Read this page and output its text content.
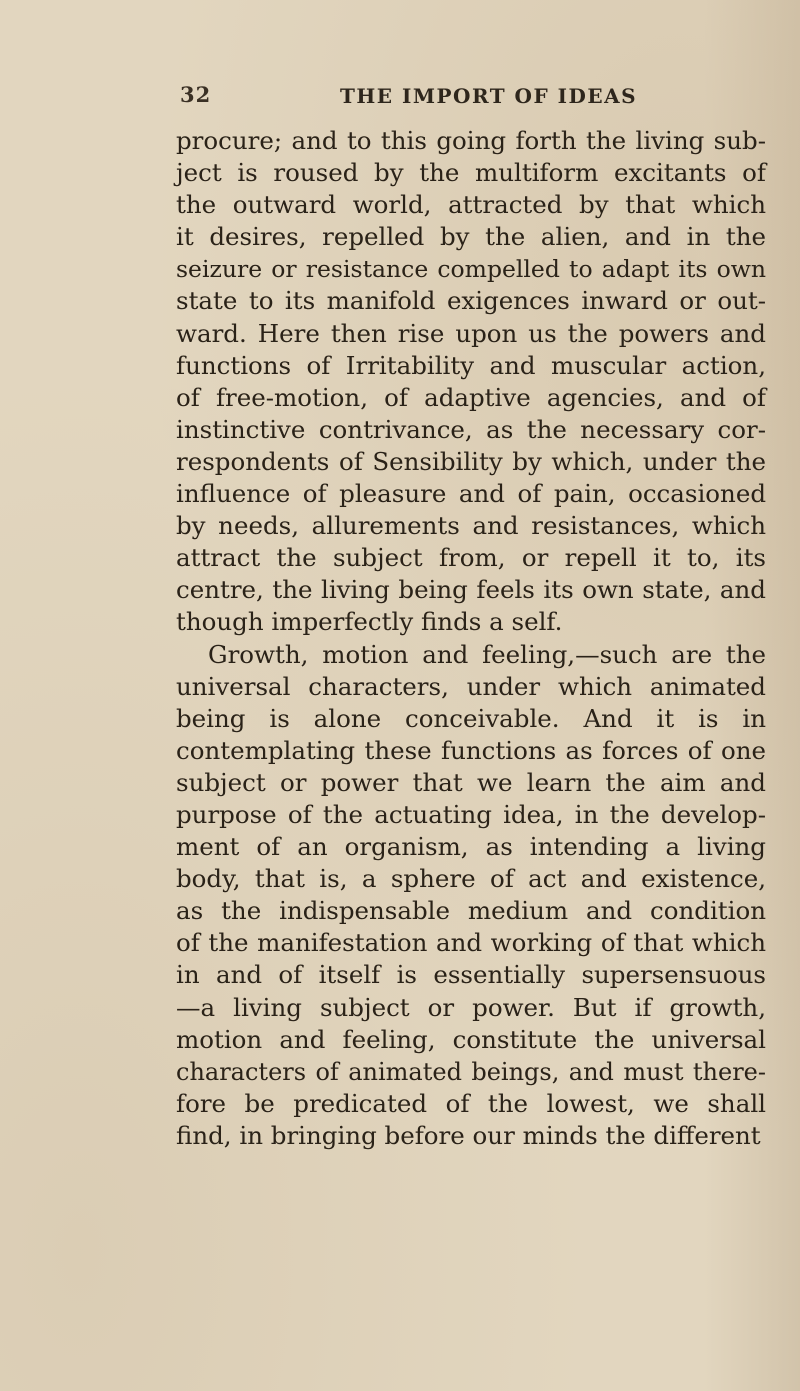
32	THE IMPORT OF IDEAS
procure; and to this going forth the living sub-
ject is roused by the multiform excitants of
the outward world, attracted by that which
it desires, repelled by the alien, and in the
seizure or resistance compelled to adapt its own
state to its manifold exigences inward or out-
ward. Here then rise upon us the powers and
functions of Irritability and muscular action,
of free-motion, of adaptive agencies, and of
instinctive contrivance, as the necessary cor-
respondents of Sensibility by which, under the
influence of pleasure and of pain, occasioned
by needs, allurements and resistances, which
attract the subject from, or repell it to, its
centre, the living being feels its own state, and
though imperfectly finds a self.
Growth, motion and feeling,—such are the
universal characters, under which animated
being is alone conceivable. And it is in
contemplating these functions as forces of one
subject or power that we learn the aim and
purpose of the actuating idea, in the develop-
ment of an organism, as intending a living
body, that is, a sphere of act and existence,
as the indispensable medium and condition
of the manifestation and working of that which
in and of itself is essentially supersensuous
—a living subject or power. But if growth,
motion and feeling, constitute the universal
characters of animated beings, and must there-
fore be predicated of the lowest, we shall
find, in bringing before our minds the different
